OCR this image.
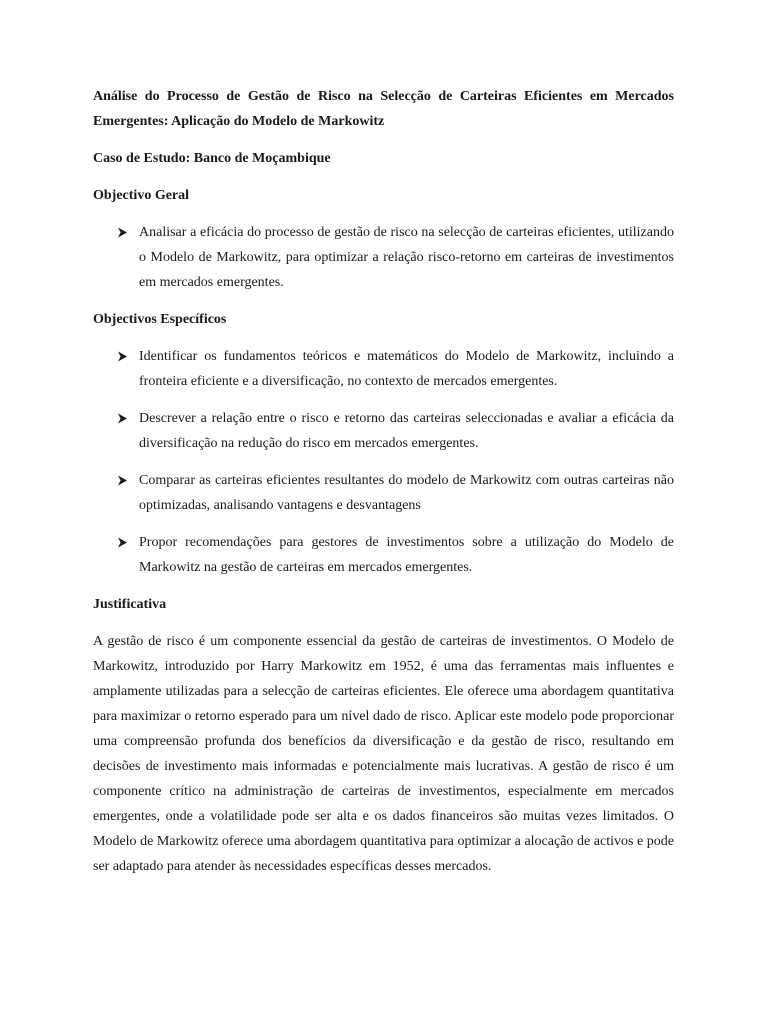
Análise do Processo de Gestão de Risco na Selecção de Carteiras Eficientes em Mercados Emergentes: Aplicação do Modelo de Markowitz

Caso de Estudo: Banco de Moçambique

Objectivo Geral

Analisar a eficácia do processo de gestão de risco na selecção de carteiras eficientes, utilizando o Modelo de Markowitz, para optimizar a relação risco-retorno em carteiras de investimentos em mercados emergentes.

Objectivos Específicos

Identificar os fundamentos teóricos e matemáticos do Modelo de Markowitz, incluindo a fronteira eficiente e a diversificação, no contexto de mercados emergentes.
Descrever a relação entre o risco e retorno das carteiras seleccionadas e avaliar a eficácia da diversificação na redução do risco em mercados emergentes.
Comparar as carteiras eficientes resultantes do modelo de Markowitz com outras carteiras não optimizadas, analisando vantagens e desvantagens
Propor recomendações para gestores de investimentos sobre a utilização do Modelo de Markowitz na gestão de carteiras em mercados emergentes.

Justificativa

A gestão de risco é um componente essencial da gestão de carteiras de investimentos. O Modelo de Markowitz, introduzido por Harry Markowitz em 1952, é uma das ferramentas mais influentes e amplamente utilizadas para a selecção de carteiras eficientes. Ele oferece uma abordagem quantitativa para maximizar o retorno esperado para um nível dado de risco. Aplicar este modelo pode proporcionar uma compreensão profunda dos benefícios da diversificação e da gestão de risco, resultando em decisões de investimento mais informadas e potencialmente mais lucrativas. A gestão de risco é um componente crítico na administração de carteiras de investimentos, especialmente em mercados emergentes, onde a volatilidade pode ser alta e os dados financeiros são muitas vezes limitados. O Modelo de Markowitz oferece uma abordagem quantitativa para optimizar a alocação de activos e pode ser adaptado para atender às necessidades específicas desses mercados.
